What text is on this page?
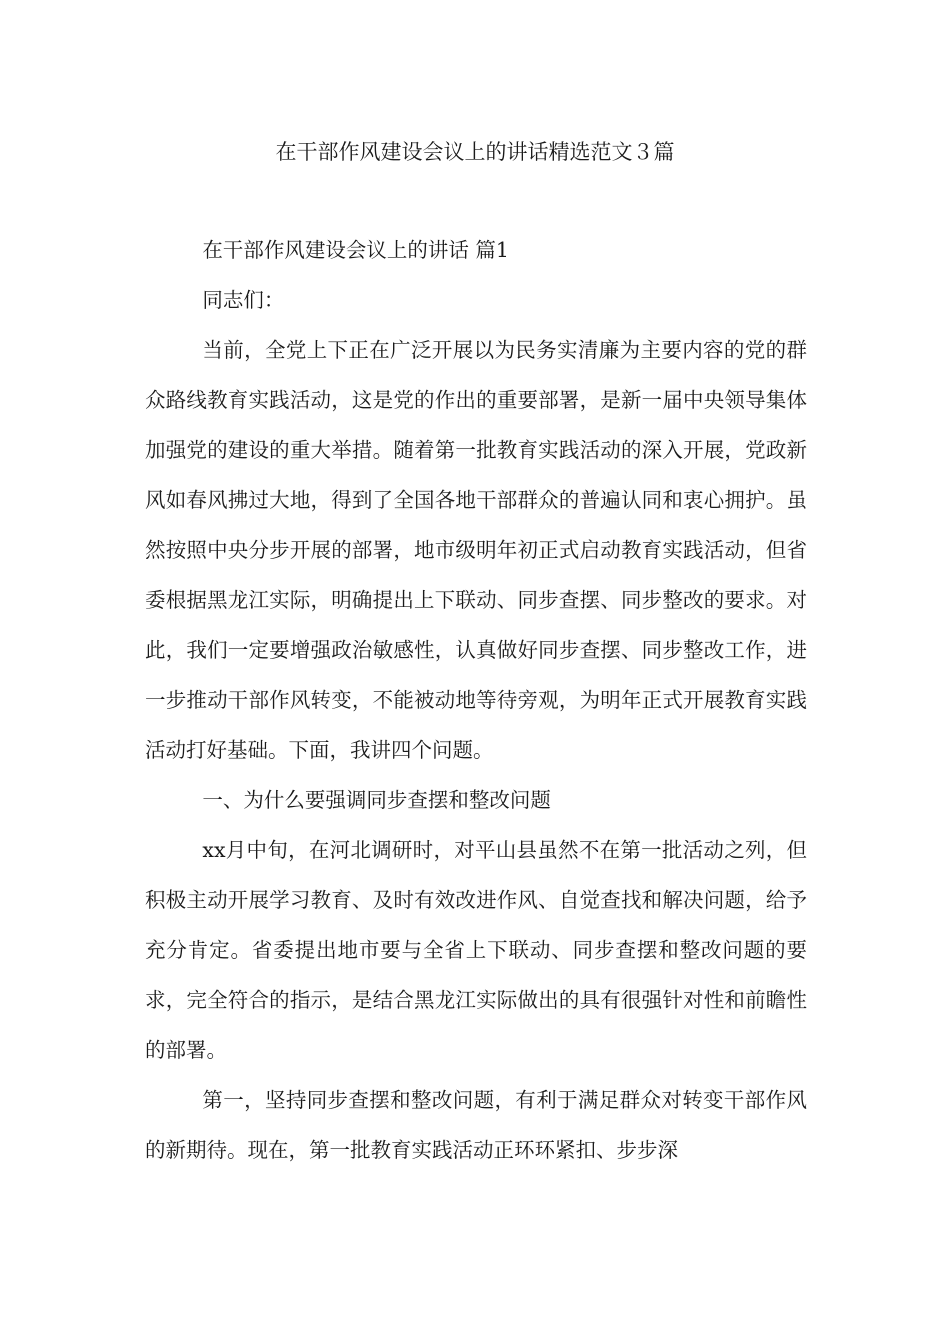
在干部作风建设会议上的讲话精选范文３篇

在干部作风建设会议上的讲话 篇1

同志们：

当前，全党上下正在广泛开展以为民务实清廉为主要内容的党的群众路线教育实践活动，这是党的作出的重要部署，是新一届中央领导集体加强党的建设的重大举措。随着第一批教育实践活动的深入开展，党政新风如春风拂过大地，得到了全国各地干部群众的普遍认同和衷心拥护。虽然按照中央分步开展的部署，地市级明年初正式启动教育实践活动，但省委根据黑龙江实际，明确提出上下联动、同步查摆、同步整改的要求。对此，我们一定要增强政治敏感性，认真做好同步查摆、同步整改工作，进一步推动干部作风转变，不能被动地等待旁观，为明年正式开展教育实践活动打好基础。下面，我讲四个问题。

一、为什么要强调同步查摆和整改问题

xx月中旬，在河北调研时，对平山县虽然不在第一批活动之列，但积极主动开展学习教育、及时有效改进作风、自觉查找和解决问题，给予充分肯定。省委提出地市要与全省上下联动、同步查摆和整改问题的要求，完全符合的指示，是结合黑龙江实际做出的具有很强针对性和前瞻性的部署。

第一，坚持同步查摆和整改问题，有利于满足群众对转变干部作风的新期待。现在，第一批教育实践活动正环环紧扣、步步深
